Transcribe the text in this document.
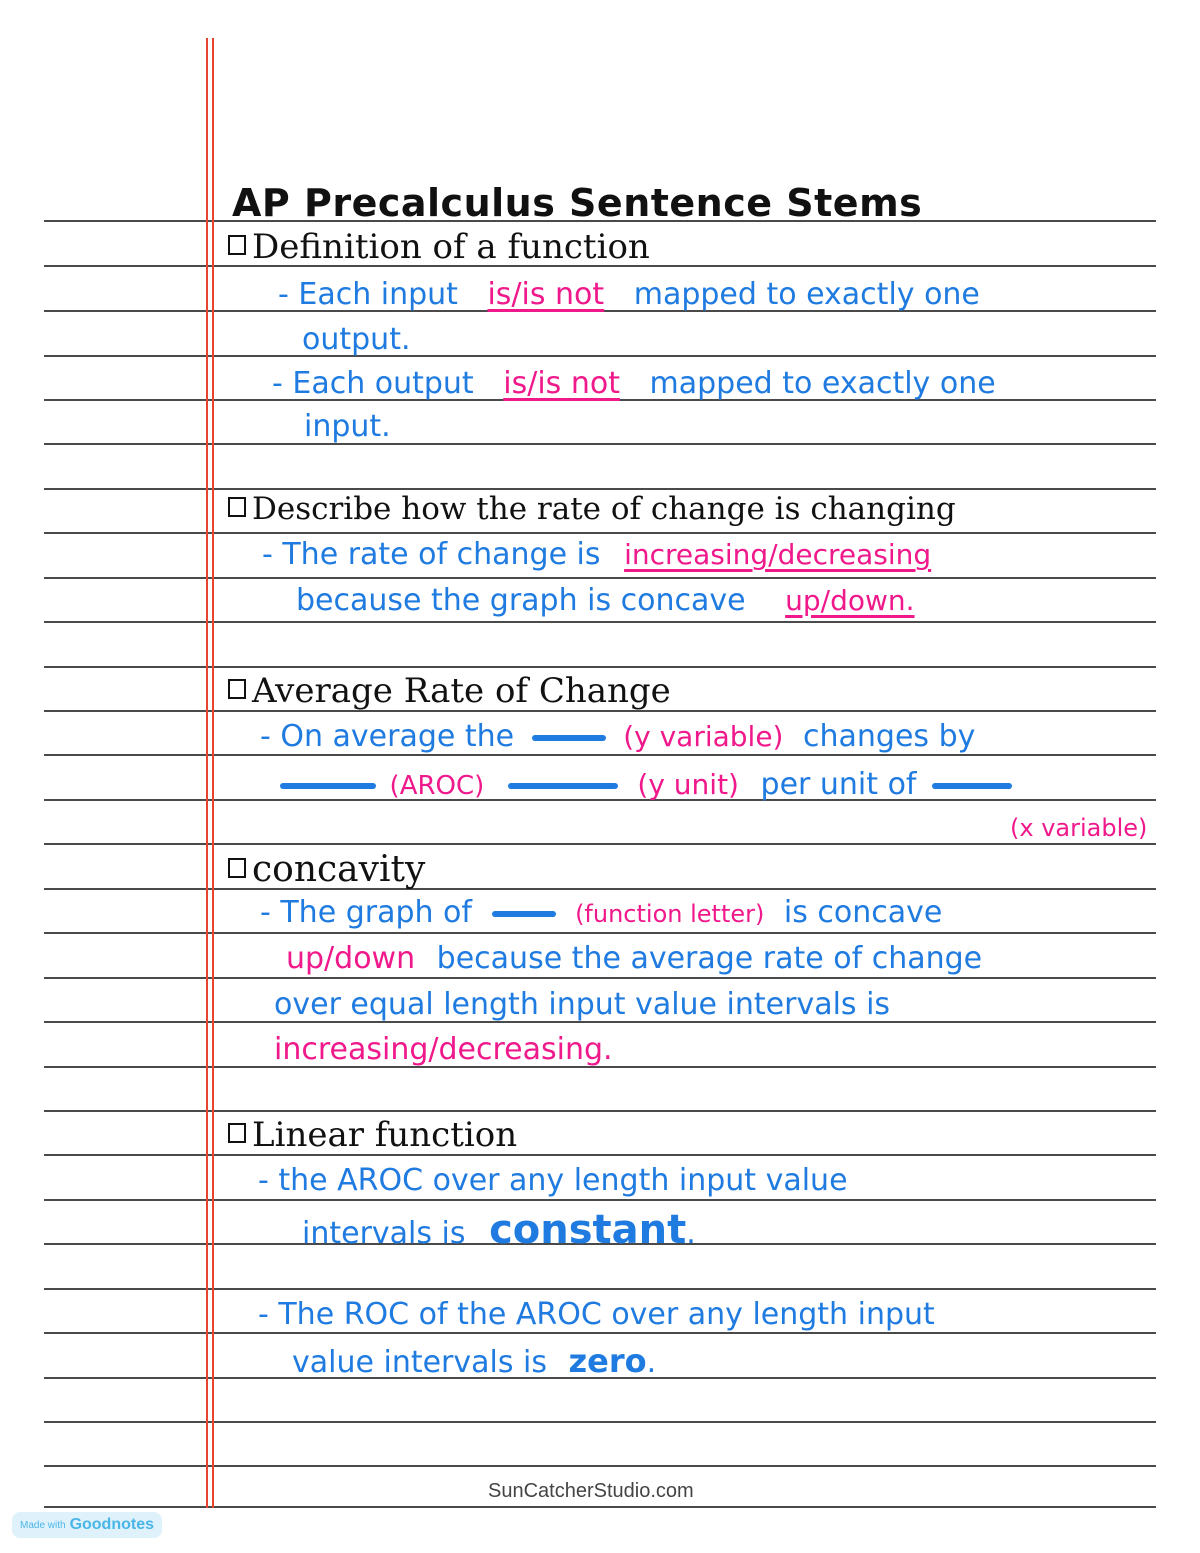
AP Precalculus Sentence Stems
Definition of a function
- Each input is/is not mapped to exactly one
output.
- Each output is/is not mapped to exactly one
input.
Describe how the rate of change is changing
- The rate of change is increasing/decreasing
because the graph is concave up/down.
Average Rate of Change
- On average the	(y variable) changes by
(AROC)	(y unit) per unit of
(x variable)
concavity
- The graph of	(function letter) is concave
up/down because the average rate of change
over equal length input value intervals is
increasing/decreasing.
Linear function
- the AROC over any length input value
intervals is constant.
- The ROC of the AROC over any length input
value intervals is zero.
SunCatcherStudio.com
Made with Goodnotes
